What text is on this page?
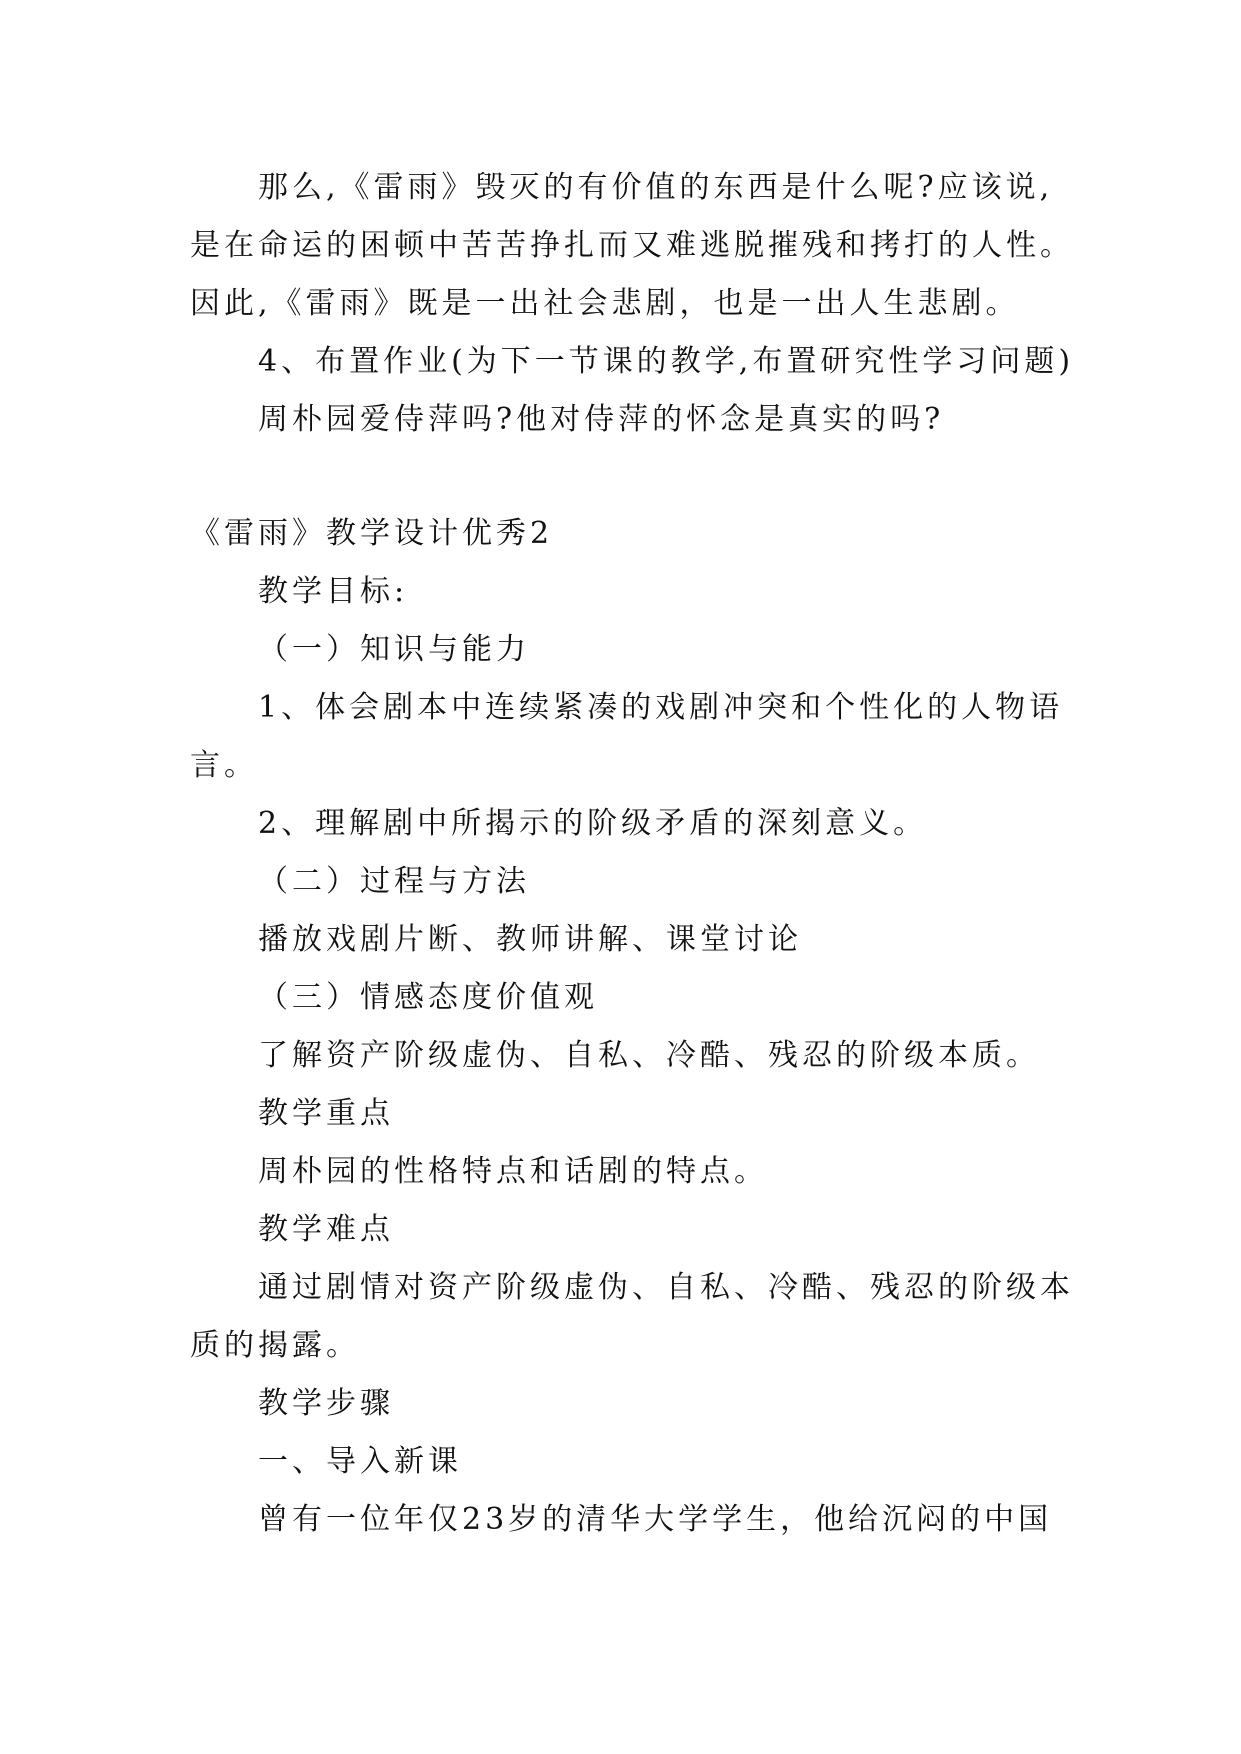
那么,《雷雨》毁灭的有价值的东西是什么呢?应该说,
是在命运的困顿中苦苦挣扎而又难逃脱摧残和拷打的人性。
因此,《雷雨》既是一出社会悲剧，也是一出人生悲剧。
4、布置作业(为下一节课的教学,布置研究性学习问题)
周朴园爱侍萍吗?他对侍萍的怀念是真实的吗?
《雷雨》教学设计优秀2
教学目标:
（一）知识与能力
1、体会剧本中连续紧凑的戏剧冲突和个性化的人物语
言。
2、理解剧中所揭示的阶级矛盾的深刻意义。
（二）过程与方法
播放戏剧片断、教师讲解、课堂讨论
（三）情感态度价值观
了解资产阶级虚伪、自私、冷酷、残忍的阶级本质。
教学重点
周朴园的性格特点和话剧的特点。
教学难点
通过剧情对资产阶级虚伪、自私、冷酷、残忍的阶级本
质的揭露。
教学步骤
一、导入新课
曾有一位年仅23岁的清华大学学生，他给沉闷的中国
